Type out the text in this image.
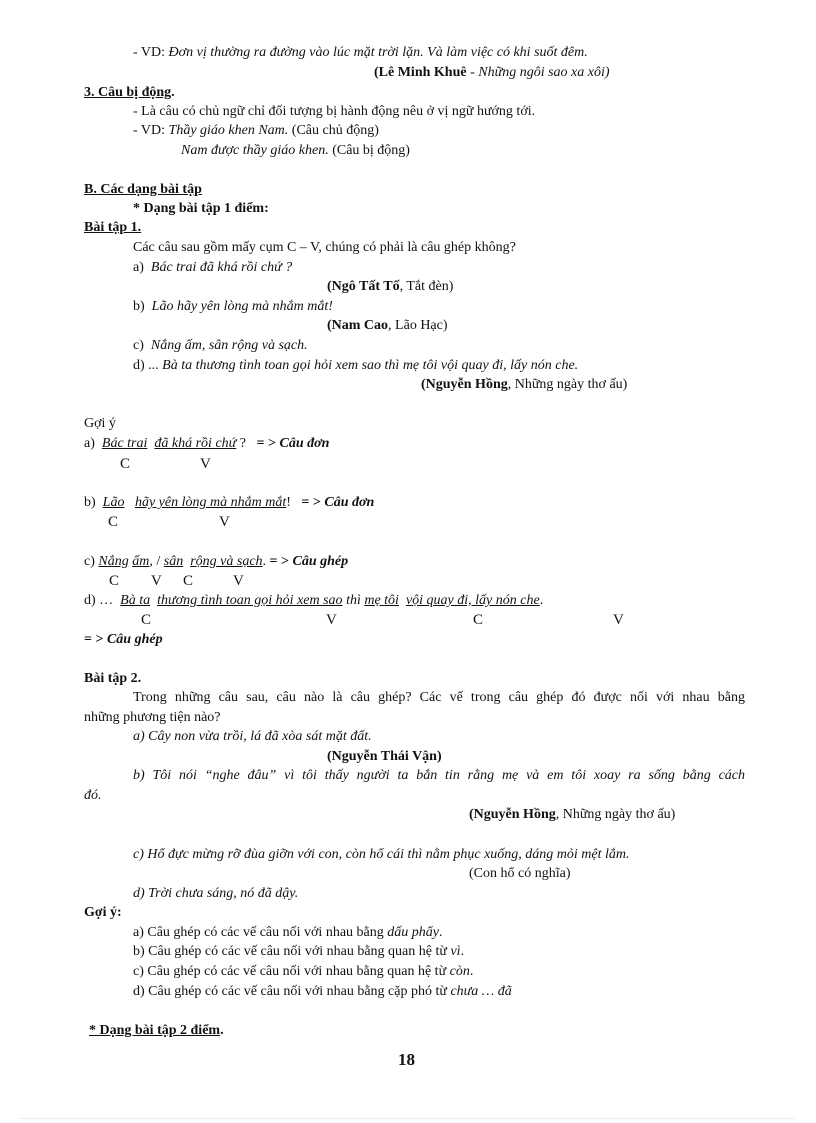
- VD: Đơn vị thường ra đường vào lúc mặt trời lặn. Và làm việc có khi suốt đêm.
(Lê Minh Khuê - Những ngôi sao xa xôi)
3. Câu bị động.
- Là câu có chủ ngữ chỉ đối tượng bị hành động nêu ở vị ngữ hướng tới.
- VD: Thầy giáo khen Nam. (Câu chủ động)
Nam được thầy giáo khen. (Câu bị động)
B. Các dạng bài tập
* Dạng bài tập 1 điểm:
Bài tập 1.
Các câu sau gồm mấy cụm C – V, chúng có phải là câu ghép không?
a) Bác trai đã khá rồi chứ ?
(Ngô Tất Tố, Tắt đèn)
b) Lão hãy yên lòng mà nhắm mắt!
(Nam Cao, Lão Hạc)
c) Nắng ấm, sân rộng và sạch.
d) ... Bà ta thương tình toan gọi hỏi xem sao thì mẹ tôi vội quay đi, lấy nón che.
(Nguyễn Hồng, Những ngày thơ ấu)
Gợi ý
a) Bác trai đã khá rồi chứ ? = > Câu đơn
C	V
b) Lão hãy yên lòng mà nhắm mắt! = > Câu đơn
C	V
c) Nắng ấm, / sân rộng và sạch. = > Câu ghép
C V C	V
d) … Bà ta thương tình toan gọi hỏi xem sao thì mẹ tôi vội quay đi, lấy nón che.
C	V	C	V
= > Câu ghép
Bài tập 2.
Trong những câu sau, câu nào là câu ghép? Các vế trong câu ghép đó được nối với nhau bằng
những phương tiện nào?
a) Cây non vừa trồi, lá đã xòa sát mặt đất.
(Nguyễn Thái Vận)
b) Tôi nói “nghe đâu” vì tôi thấy người ta bắn tin rằng mẹ và em tôi xoay ra sống bằng cách
đó.
(Nguyễn Hồng, Những ngày thơ ấu)
c) Hổ đực mừng rỡ đùa giỡn với con, còn hổ cái thì nằm phục xuống, dáng mỏi mệt lắm.
(Con hổ có nghĩa)
d) Trời chưa sáng, nó đã dậy.
Gợi ý:
a) Câu ghép có các vế câu nối với nhau bằng dấu phẩy.
b) Câu ghép có các vế câu nối với nhau bằng quan hệ từ vì.
c) Câu ghép có các vế câu nối với nhau bằng quan hệ từ còn.
d) Câu ghép có các vế câu nối với nhau bằng cặp phó từ chưa … đã
* Dạng bài tập 2 điểm.
18
